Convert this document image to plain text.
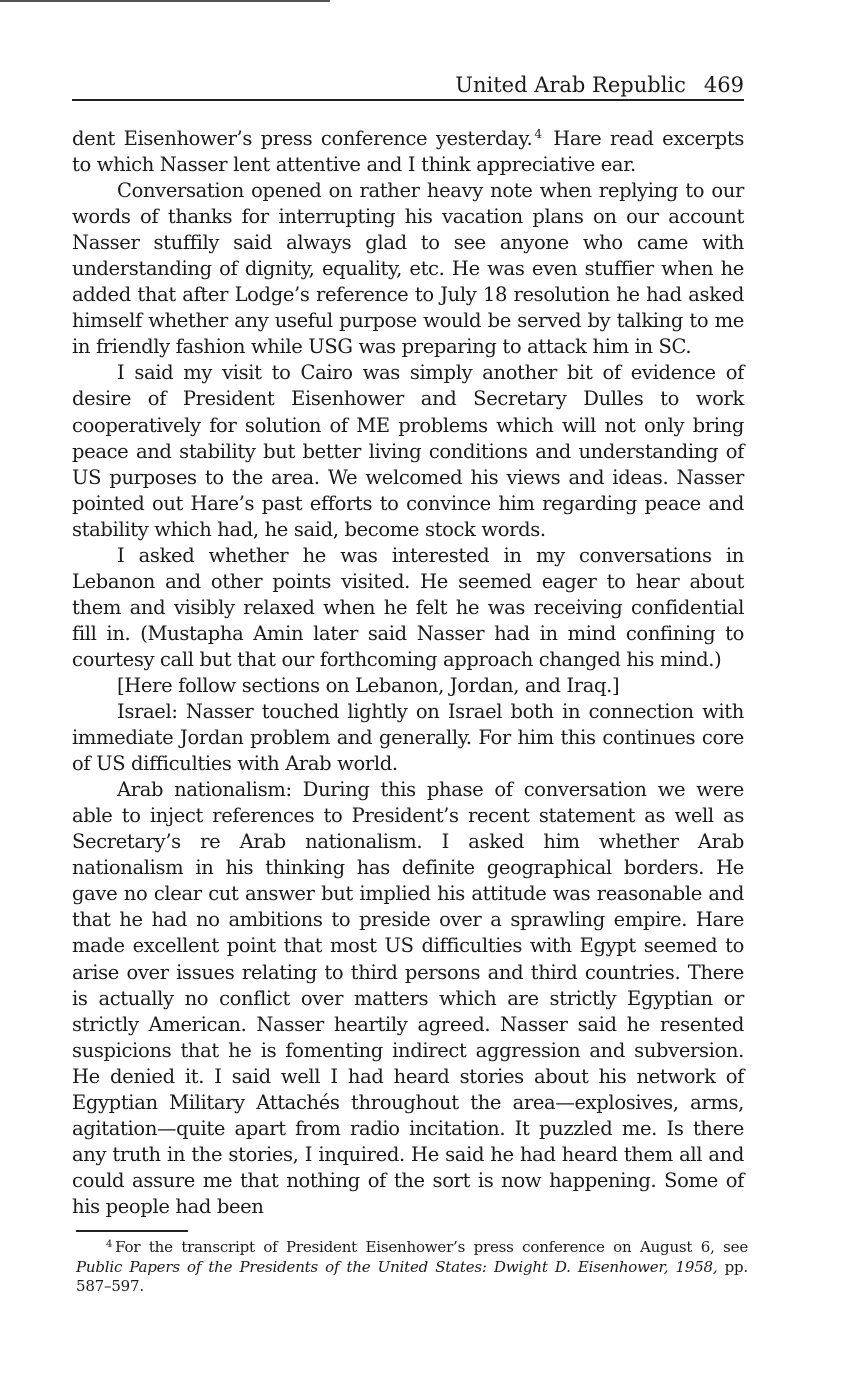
United Arab Republic 469

dent Eisenhower’s press conference yesterday. $^4$ Hare read excerpts to which Nasser lent attentive and I think appreciative ear.

Conversation opened on rather heavy note when replying to our words of thanks for interrupting his vacation plans on our account Nasser stuffily said always glad to see anyone who came with understanding of dignity, equality, etc. He was even stuffier when he added that after Lodge’s reference to July 18 resolution he had asked himself whether any useful purpose would be served by talking to me in friendly fashion while USG was preparing to attack him in SC.

I said my visit to Cairo was simply another bit of evidence of desire of President Eisenhower and Secretary Dulles to work cooperatively for solution of ME problems which will not only bring peace and stability but better living conditions and understanding of US purposes to the area. We welcomed his views and ideas. Nasser pointed out Hare’s past efforts to convince him regarding peace and stability which had, he said, become stock words.

I asked whether he was interested in my conversations in Lebanon and other points visited. He seemed eager to hear about them and visibly relaxed when he felt he was receiving confidential fill in. (Mustapha Amin later said Nasser had in mind confining to courtesy call but that our forthcoming approach changed his mind.)

[Here follow sections on Lebanon, Jordan, and Iraq.]

Israel: Nasser touched lightly on Israel both in connection with immediate Jordan problem and generally. For him this continues core of US difficulties with Arab world.

Arab nationalism: During this phase of conversation we were able to inject references to President’s recent statement as well as Secretary’s re Arab nationalism. I asked him whether Arab nationalism in his thinking has definite geographical borders. He gave no clear cut answer but implied his attitude was reasonable and that he had no ambitions to preside over a sprawling empire. Hare made excellent point that most US difficulties with Egypt seemed to arise over issues relating to third persons and third countries. There is actually no conflict over matters which are strictly Egyptian or strictly American. Nasser heartily agreed. Nasser said he resented suspicions that he is fomenting indirect aggression and subversion. He denied it. I said well I had heard stories about his network of Egyptian Military Attachés throughout the area—explosives, arms, agitation—quite apart from radio incitation. It puzzled me. Is there any truth in the stories, I inquired. He said he had heard them all and could assure me that nothing of the sort is now happening. Some of his people had been

$^4$ For the transcript of President Eisenhower’s press conference on August 6, see Public Papers of the Presidents of the United States: Dwight D. Eisenhower, 1958, pp. 587–597.
